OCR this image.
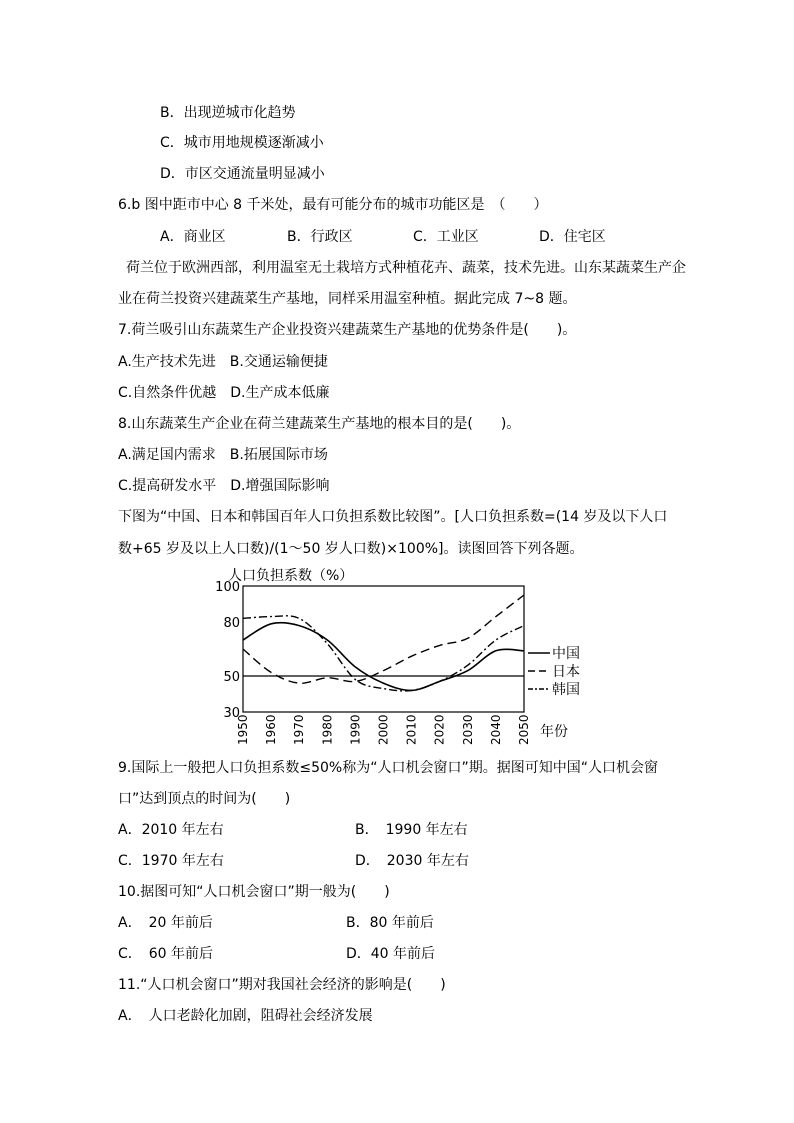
B．出现逆城市化趋势
C．城市用地规模逐渐减小
D．市区交通流量明显减小
6.b 图中距市中心 8 千米处，最有可能分布的城市功能区是　（　　）
A．商业区	B．行政区	C．工业区	D．住宅区
荷兰位于欧洲西部，利用温室无土栽培方式种植花卉、蔬菜，技术先进。山东某蔬菜生产企
业在荷兰投资兴建蔬菜生产基地，同样采用温室种植。据此完成 7~8 题。
7.荷兰吸引山东蔬菜生产企业投资兴建蔬菜生产基地的优势条件是(　　)。
A.生产技术先进　B.交通运输便捷
C.自然条件优越　D.生产成本低廉
8.山东蔬菜生产企业在荷兰建蔬菜生产基地的根本目的是(　　)。
A.满足国内需求　B.拓展国际市场
C.提高研发水平　D.增强国际影响
下图为“中国、日本和韩国百年人口负担系数比较图”。[人口负担系数=(14 岁及以下人口
数+65 岁及以上人口数)/(1～50 岁人口数)×100%]。读图回答下列各题。
人口负担系数（%）
100
80
50
30
1950 1960 1970 1980 1990 2000 2010 2020 2030 2040 2050
中国
日本
韩国
年份
9.国际上一般把人口负担系数≤50%称为“人口机会窗口”期。据图可知中国“人口机会窗
口”达到顶点的时间为(　　)
A．2010 年左右	B．　1990 年左右
C．1970 年左右	D．　2030 年左右
10.据图可知“人口机会窗口”期一般为(　　)
A．　20 年前后	B．80 年前后
C．　60 年前后	D．40 年前后
11.“人口机会窗口”期对我国社会经济的影响是(　　)
A．　人口老龄化加剧，阻碍社会经济发展
